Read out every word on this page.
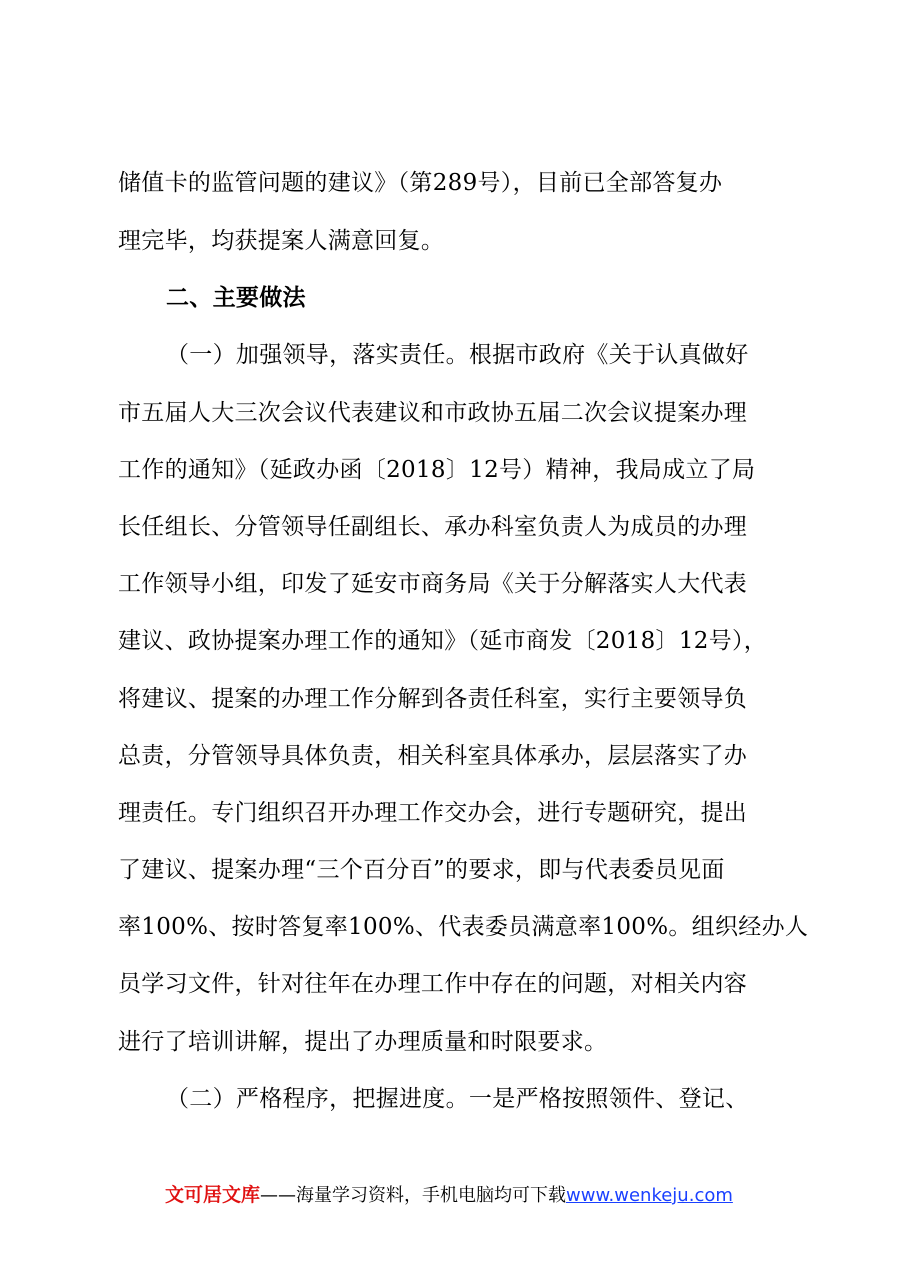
储值卡的监管问题的建议》（第289号），目前已全部答复办
理完毕，均获提案人满意回复。
二、主要做法
（一）加强领导，落实责任。根据市政府《关于认真做好
市五届人大三次会议代表建议和市政协五届二次会议提案办理
工作的通知》（延政办函〔2018〕12号）精神，我局成立了局
长任组长、分管领导任副组长、承办科室负责人为成员的办理
工作领导小组，印发了延安市商务局《关于分解落实人大代表
建议、政协提案办理工作的通知》（延市商发〔2018〕12号），
将建议、提案的办理工作分解到各责任科室，实行主要领导负
总责，分管领导具体负责，相关科室具体承办，层层落实了办
理责任。专门组织召开办理工作交办会，进行专题研究，提出
了建议、提案办理“三个百分百”的要求，即与代表委员见面
率100%、按时答复率100%、代表委员满意率100%。组织经办人
员学习文件，针对往年在办理工作中存在的问题，对相关内容
进行了培训讲解，提出了办理质量和时限要求。
（二）严格程序，把握进度。一是严格按照领件、登记、
文可居文库——海量学习资料，手机电脑均可下载www.wenkeju.com
